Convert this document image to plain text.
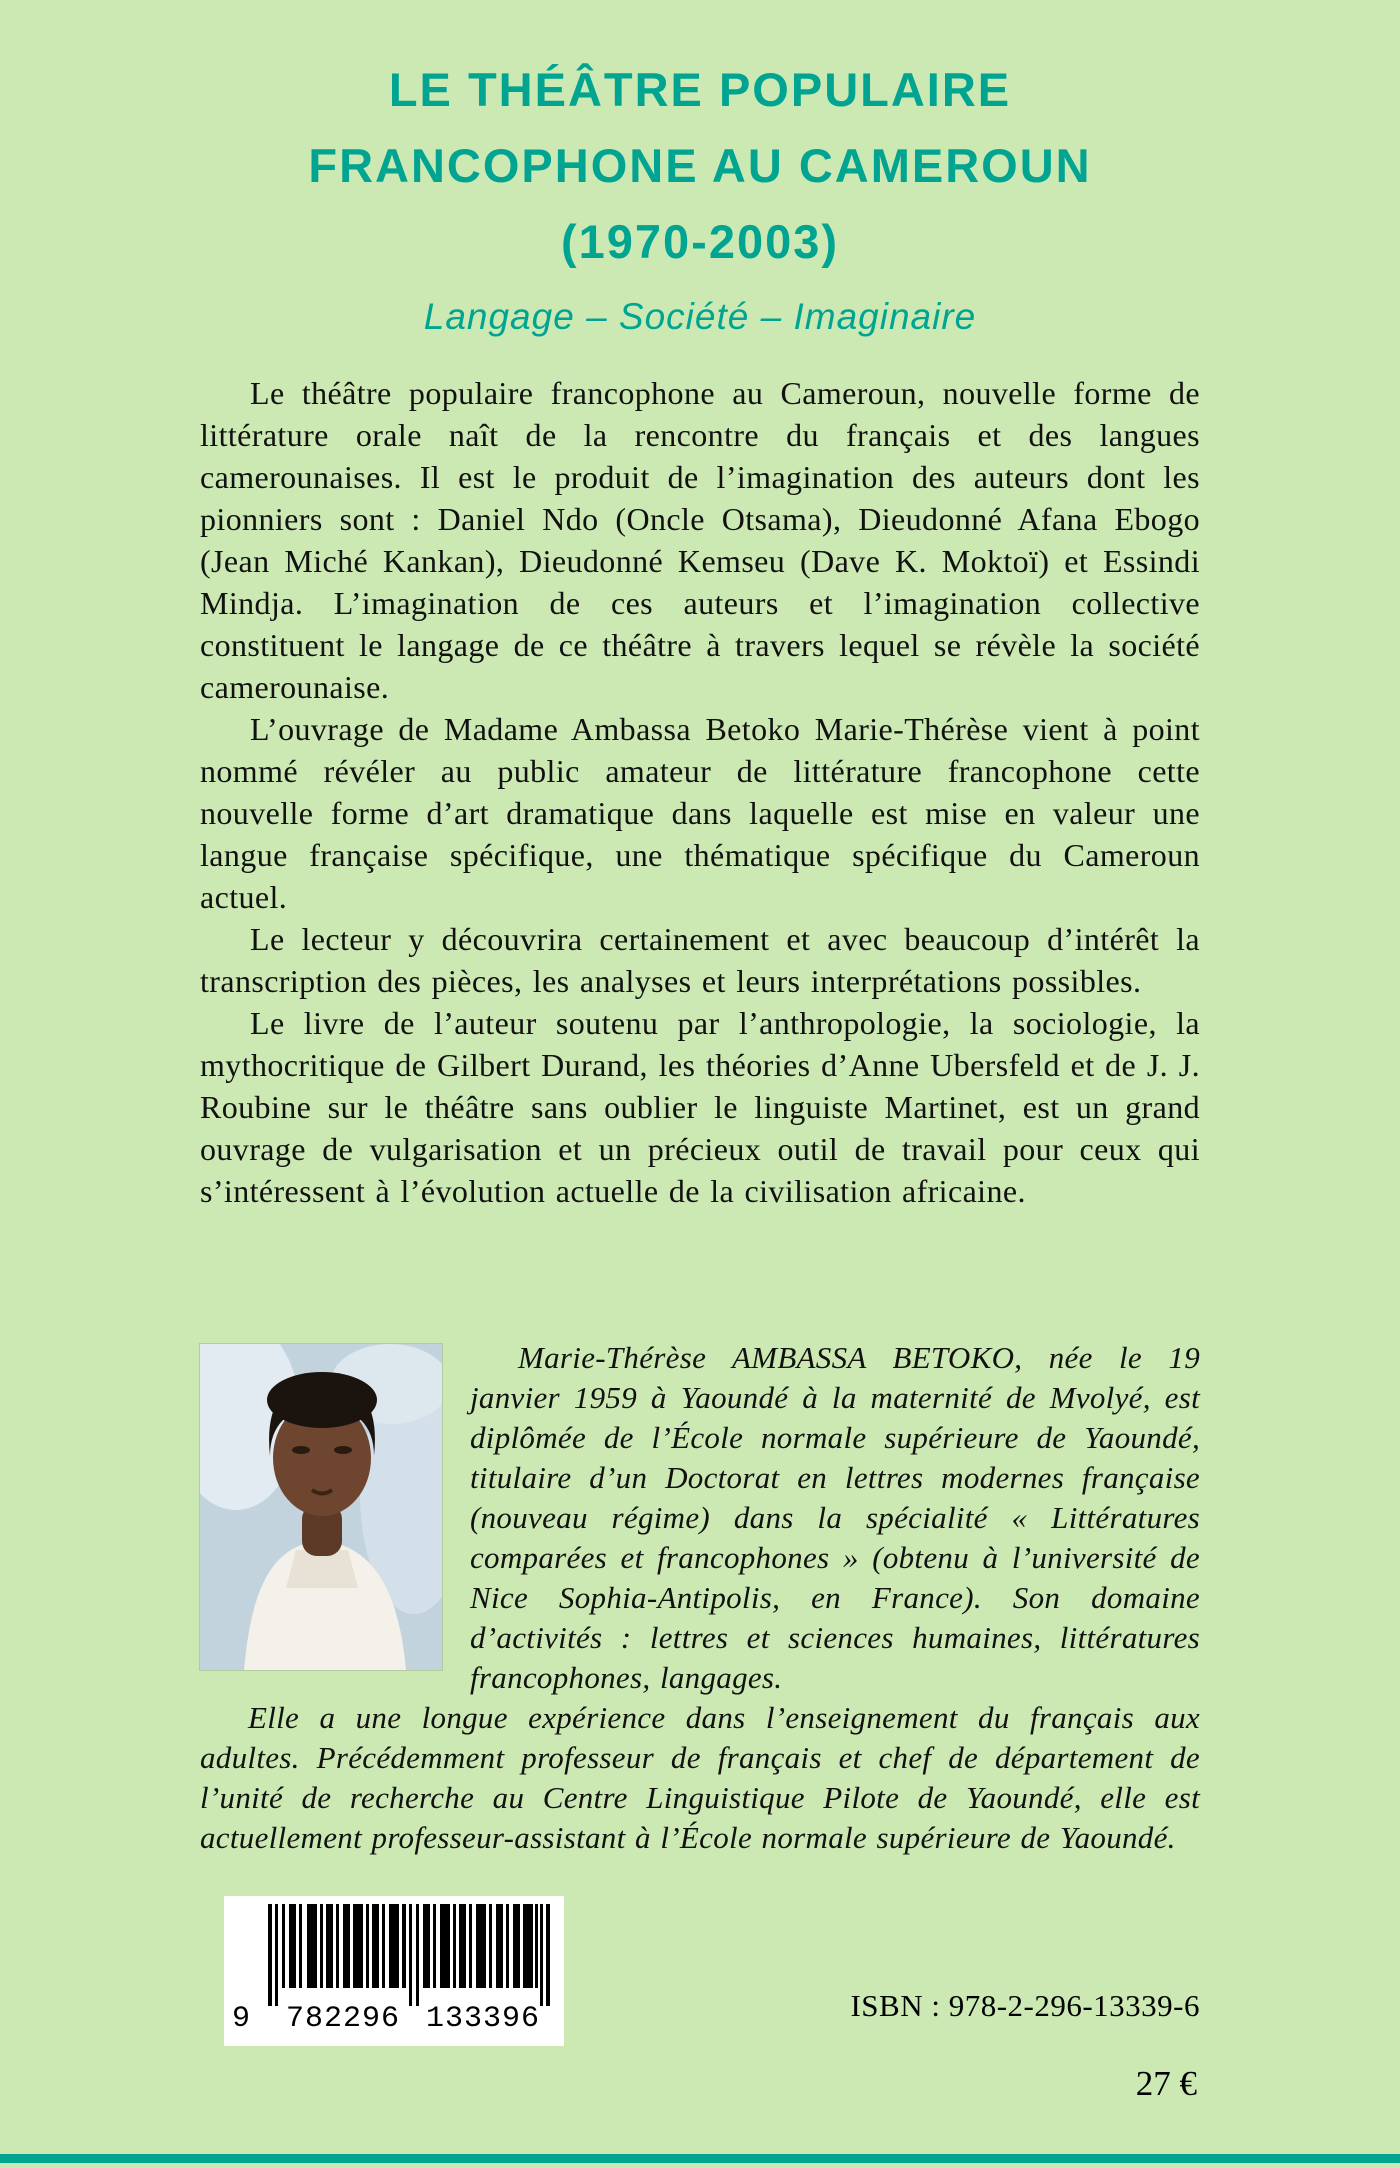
LE THÉÂTRE POPULAIRE
FRANCOPHONE AU CAMEROUN
(1970-2003)
Langage – Société – Imaginaire

Le théâtre populaire francophone au Cameroun, nouvelle forme de littérature orale naît de la rencontre du français et des langues camerounaises. Il est le produit de l’imagination des auteurs dont les pionniers sont : Daniel Ndo (Oncle Otsama), Dieudonné Afana Ebogo (Jean Miché Kankan), Dieudonné Kemseu (Dave K. Moktoï) et Essindi Mindja. L’imagination de ces auteurs et l’imagination collective constituent le langage de ce théâtre à travers lequel se révèle la société camerounaise.

L’ouvrage de Madame Ambassa Betoko Marie-Thérèse vient à point nommé révéler au public amateur de littérature francophone cette nouvelle forme d’art dramatique dans laquelle est mise en valeur une langue française spécifique, une thématique spécifique du Cameroun actuel.

Le lecteur y découvrira certainement et avec beaucoup d’intérêt la transcription des pièces, les analyses et leurs interprétations possibles.

Le livre de l’auteur soutenu par l’anthropologie, la sociologie, la mythocritique de Gilbert Durand, les théories d’Anne Ubersfeld et de J. J. Roubine sur le théâtre sans oublier le linguiste Martinet, est un grand ouvrage de vulgarisation et un précieux outil de travail pour ceux qui s’intéressent à l’évolution actuelle de la civilisation africaine.

Marie-Thérèse AMBASSA BETOKO, née le 19 janvier 1959 à Yaoundé à la maternité de Mvolyé, est diplômée de l’École normale supérieure de Yaoundé, titulaire d’un Doctorat en lettres modernes française (nouveau régime) dans la spécialité « Littératures comparées et francophones » (obtenu à l’université de Nice Sophia-Antipolis, en France). Son domaine d’activités : lettres et sciences humaines, littératures francophones, langages.

Elle a une longue expérience dans l’enseignement du français aux adultes. Précédemment professeur de français et chef de département de l’unité de recherche au Centre Linguistique Pilote de Yaoundé, elle est actuellement professeur-assistant à l’École normale supérieure de Yaoundé.

9 782296 133396	ISBN : 978-2-296-13339-6
27 €
